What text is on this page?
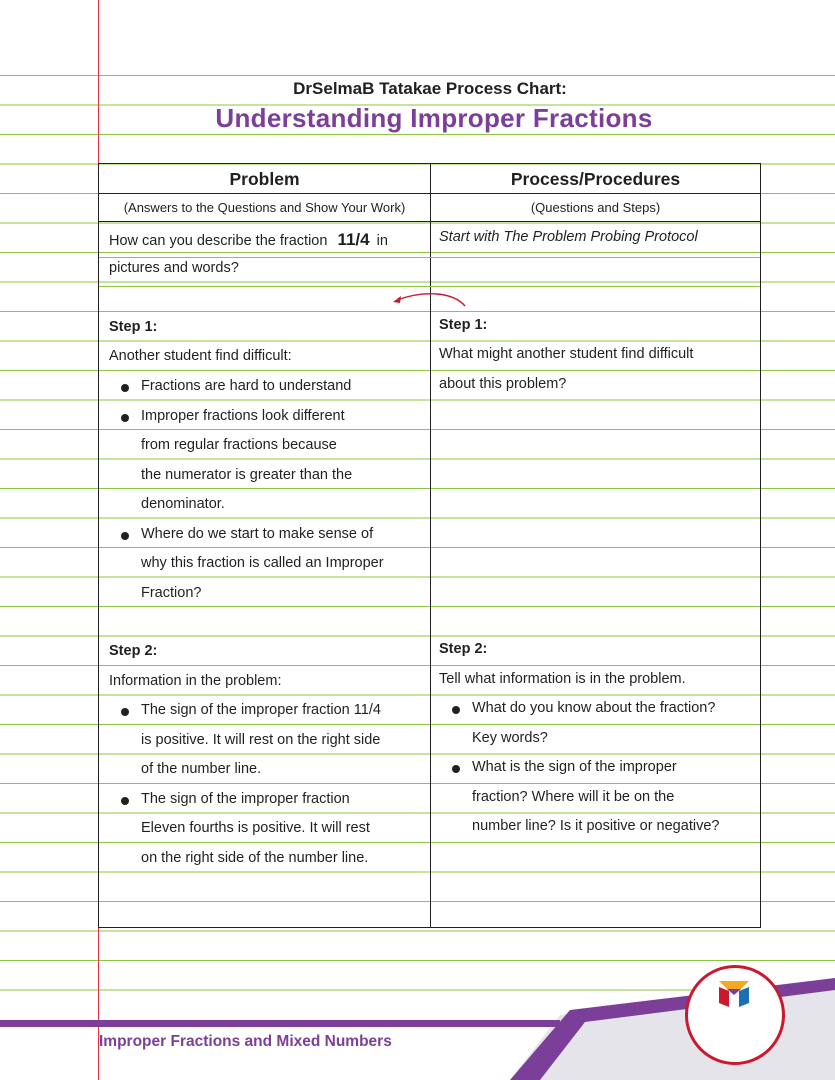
DrSelmaB Tatakae Process Chart:
Understanding Improper Fractions
Problem	Process/Procedures
(Answers to the Questions and Show Your Work)	(Questions and Steps)
How can you describe the fraction 11/4 in
pictures and words?
Start with The Problem Probing Protocol
Step 1:
Another student find difficult:
Fractions are hard to understand
Improper fractions look different
from regular fractions because
the numerator is greater than the
denominator.
Where do we start to make sense of
why this fraction is called an Improper
Fraction?
Step 1:
What might another student find difficult
about this problem?
Step 2:
Information in the problem:
The sign of the improper fraction 11/4
is positive. It will rest on the right side
of the number line.
The sign of the improper fraction
Eleven fourths is positive. It will rest
on the right side of the number line.
Step 2:
Tell what information is in the problem.
What do you know about the fraction?
Key words?
What is the sign of the improper
fraction? Where will it be on the
number line? Is it positive or negative?
Improper Fractions and Mixed Numbers
